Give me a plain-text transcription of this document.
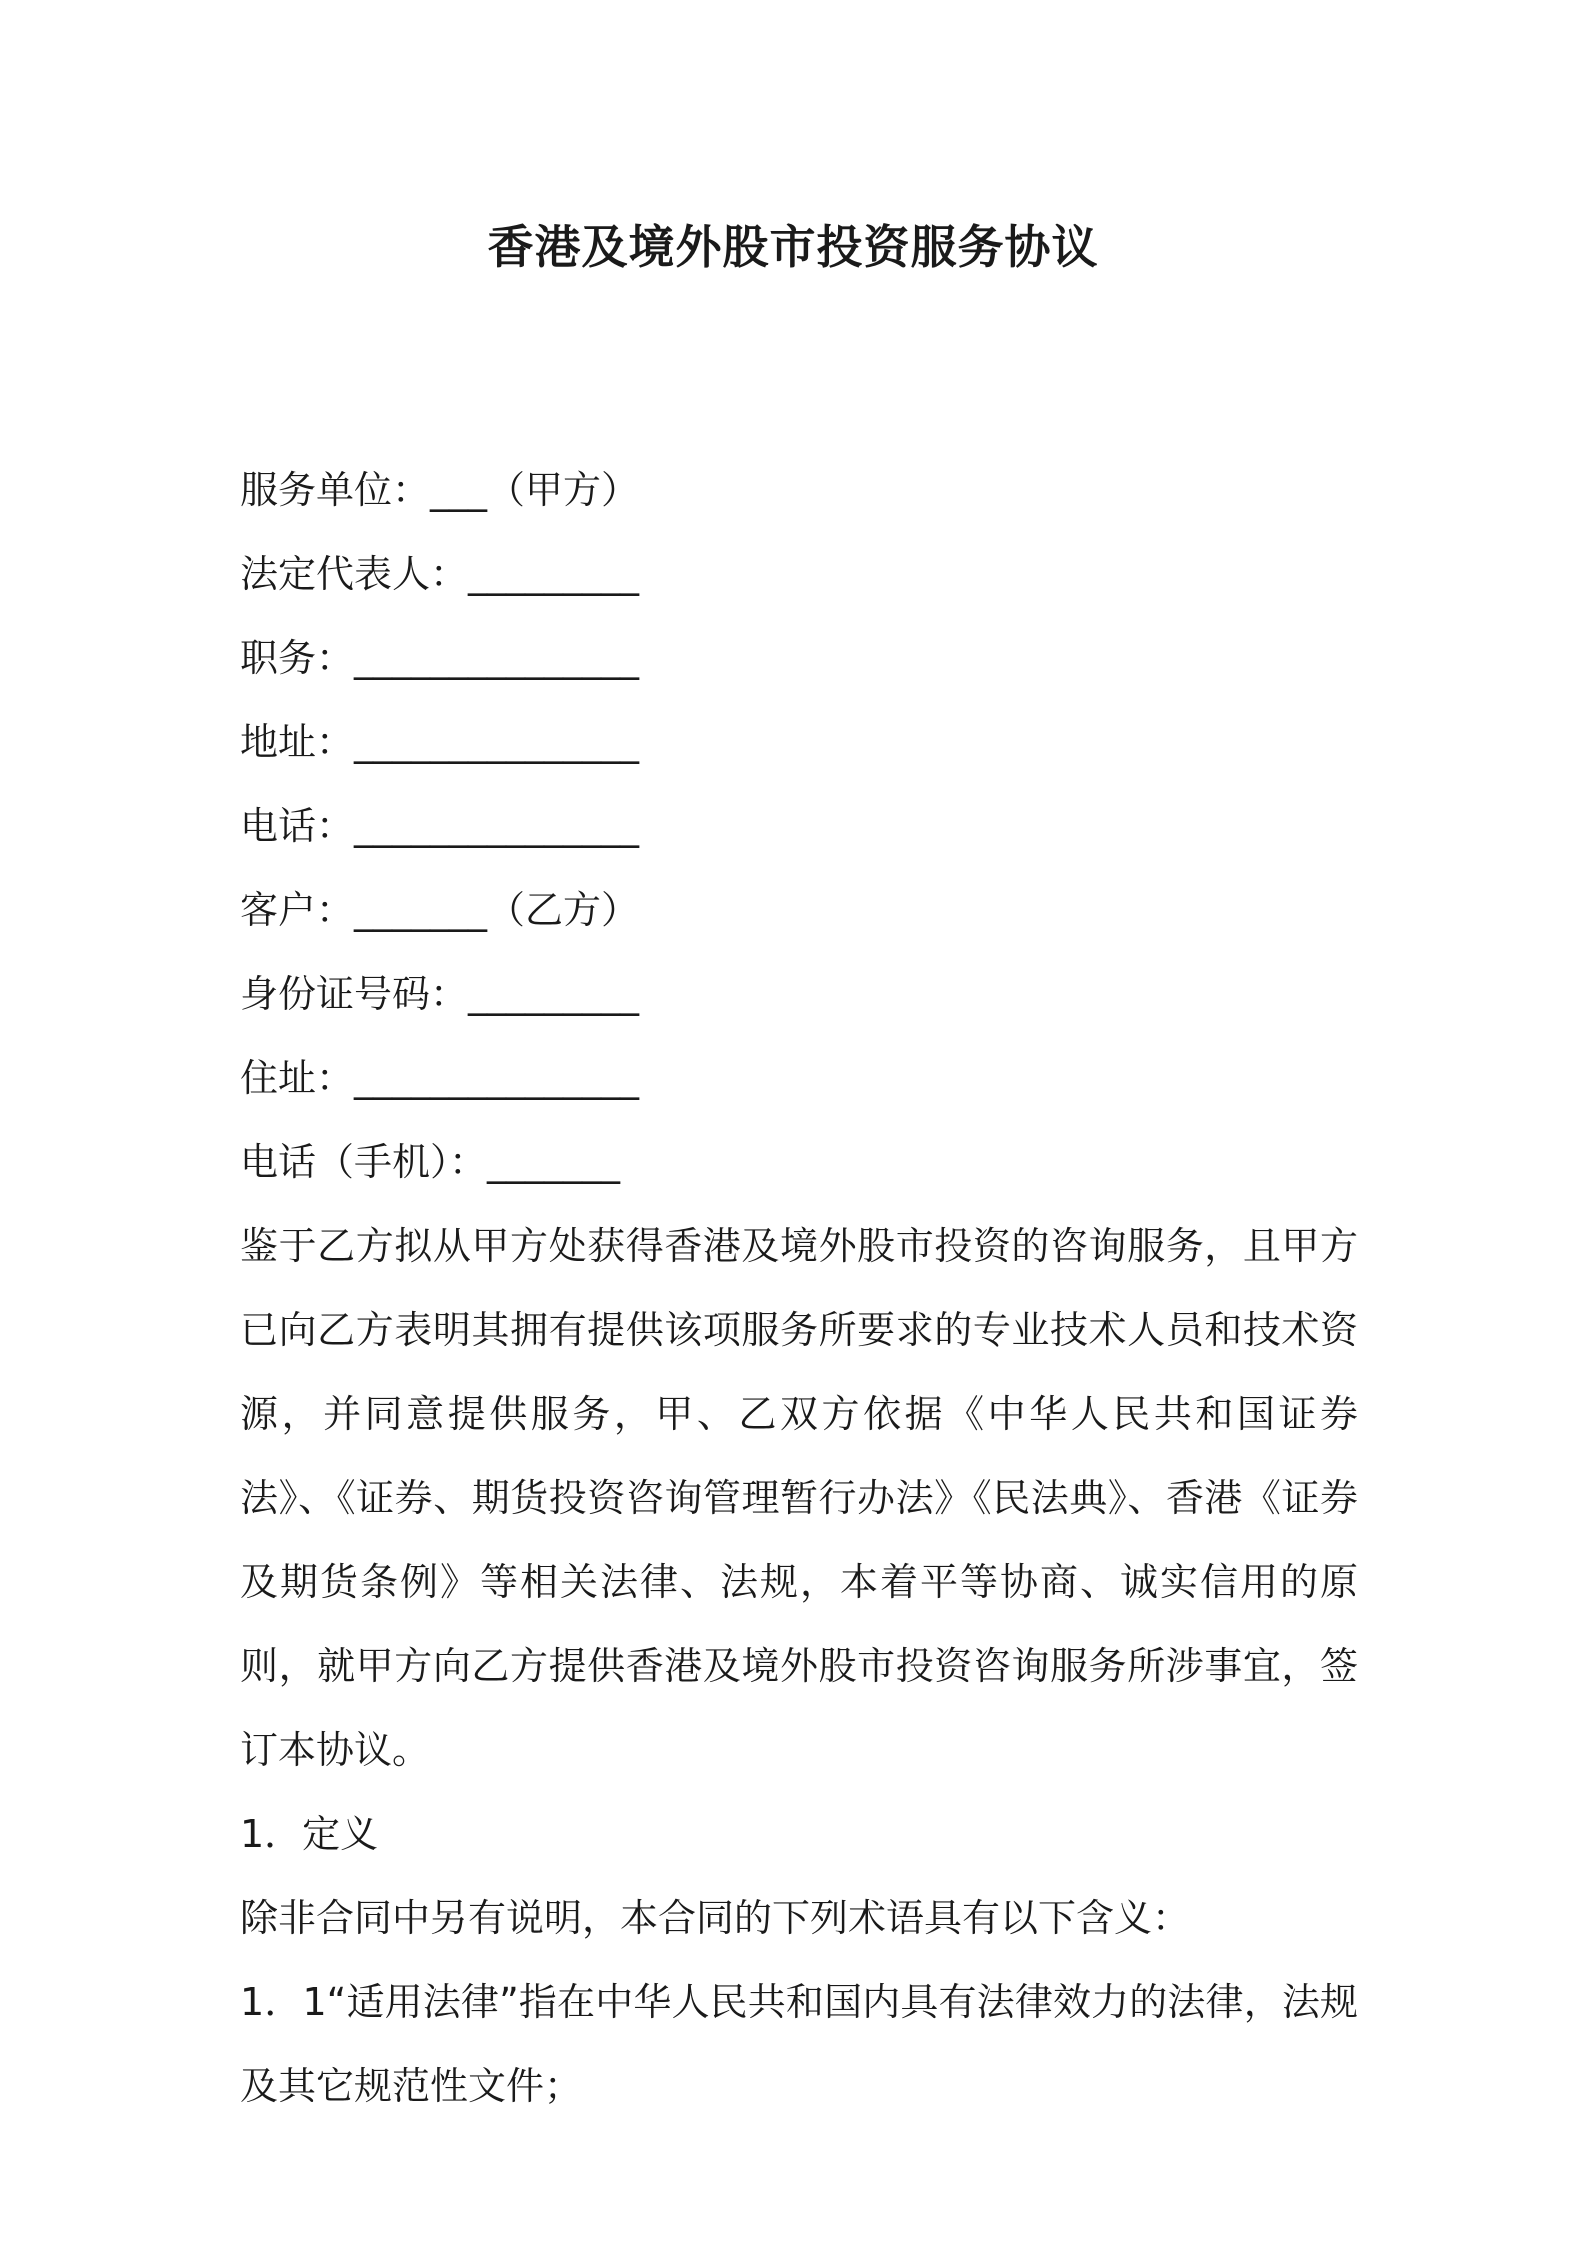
香港及境外股市投资服务协议

服务单位：___（甲方）

法定代表人：_________

职务：_______________

地址：_______________

电话：_______________

客户：_______（乙方）

身份证号码：_________

住址：_______________

电话（手机）：_______

鉴于乙方拟从甲方处获得香港及境外股市投资的咨询服务，且甲方已向乙方表明其拥有提供该项服务所要求的专业技术人员和技术资源，并同意提供服务，甲、乙双方依据《中华人民共和国证券法》、《证券、期货投资咨询管理暂行办法》《民法典》、香港《证券及期货条例》等相关法律、法规，本着平等协商、诚实信用的原则，就甲方向乙方提供香港及境外股市投资咨询服务所涉事宜，签订本协议。

1．定义

除非合同中另有说明，本合同的下列术语具有以下含义：

1．1“适用法律”指在中华人民共和国内具有法律效力的法律，法规及其它规范性文件；
